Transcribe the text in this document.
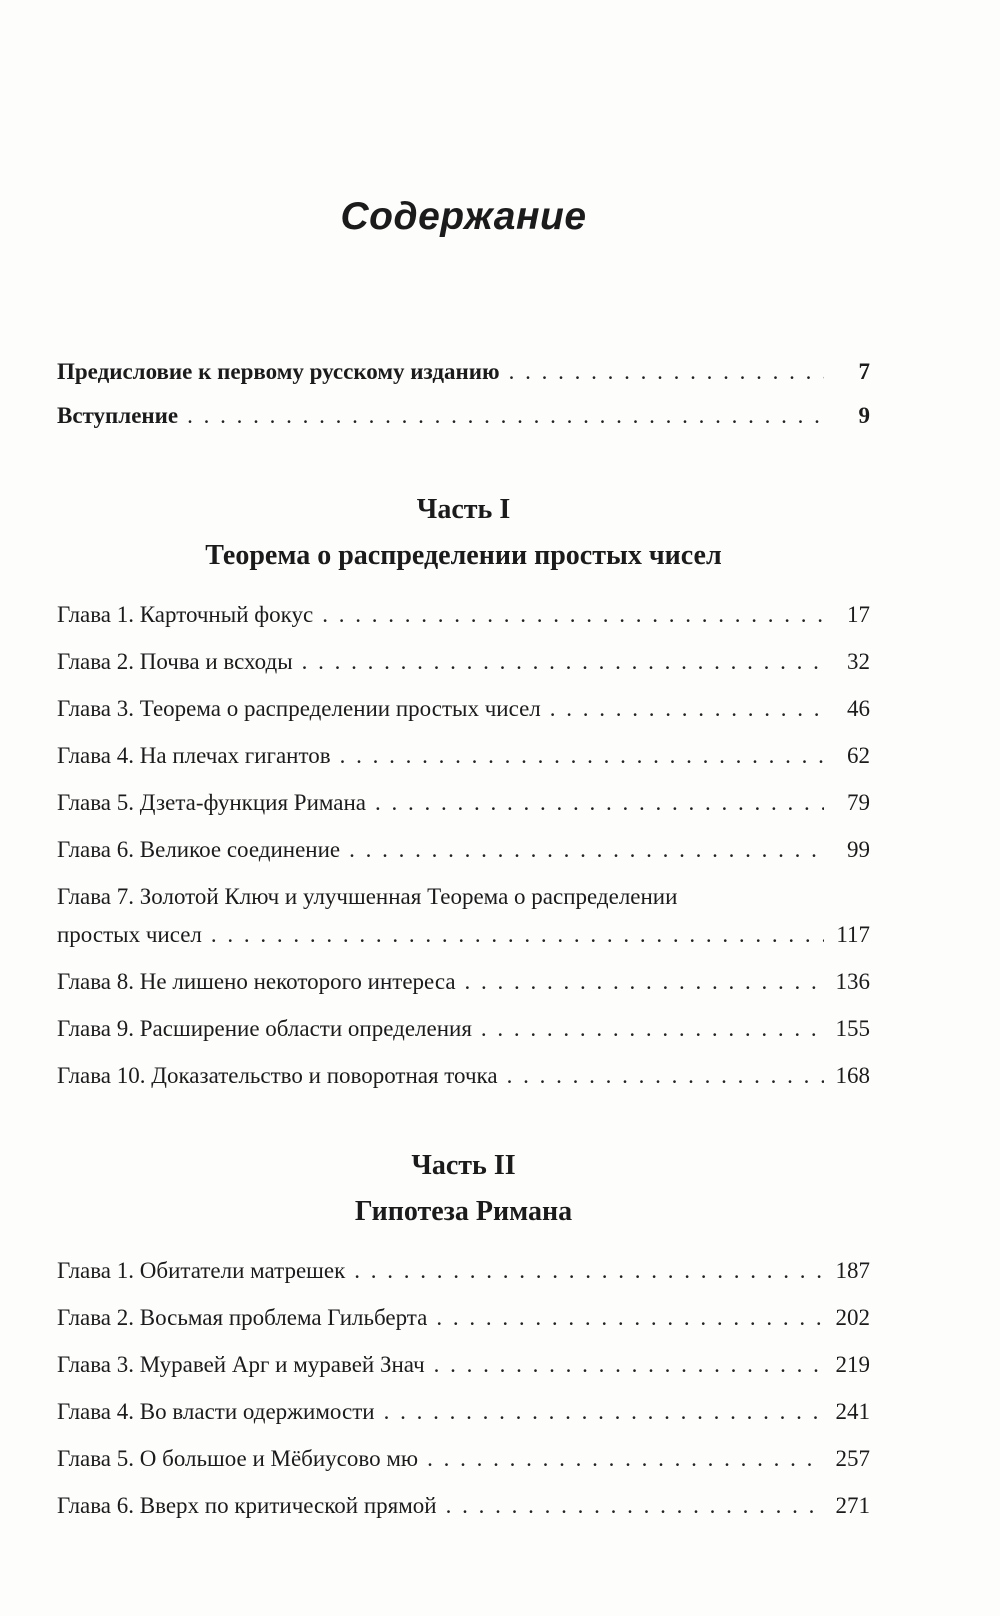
Содержание
Предисловие к первому русскому изданию . . .	7
Вступление . . .	9
Часть I
Теорема о распределении простых чисел
Глава 1. Карточный фокус . . .	17
Глава 2. Почва и всходы . . .	32
Глава 3. Теорема о распределении простых чисел . . .	46
Глава 4. На плечах гигантов . . .	62
Глава 5. Дзета-функция Римана . . .	79
Глава 6. Великое соединение . . .	99
Глава 7. Золотой Ключ и улучшенная Теорема о распределении
простых чисел . . .	117
Глава 8. Не лишено некоторого интереса . . .	136
Глава 9. Расширение области определения . . .	155
Глава 10. Доказательство и поворотная точка . . .	168
Часть II
Гипотеза Римана
Глава 1. Обитатели матрешек . . .	187
Глава 2. Восьмая проблема Гильберта . . .	202
Глава 3. Муравей Арг и муравей Знач . . .	219
Глава 4. Во власти одержимости . . .	241
Глава 5. О большое и Мёбиусово мю . . .	257
Глава 6. Вверх по критической прямой . . .	271
